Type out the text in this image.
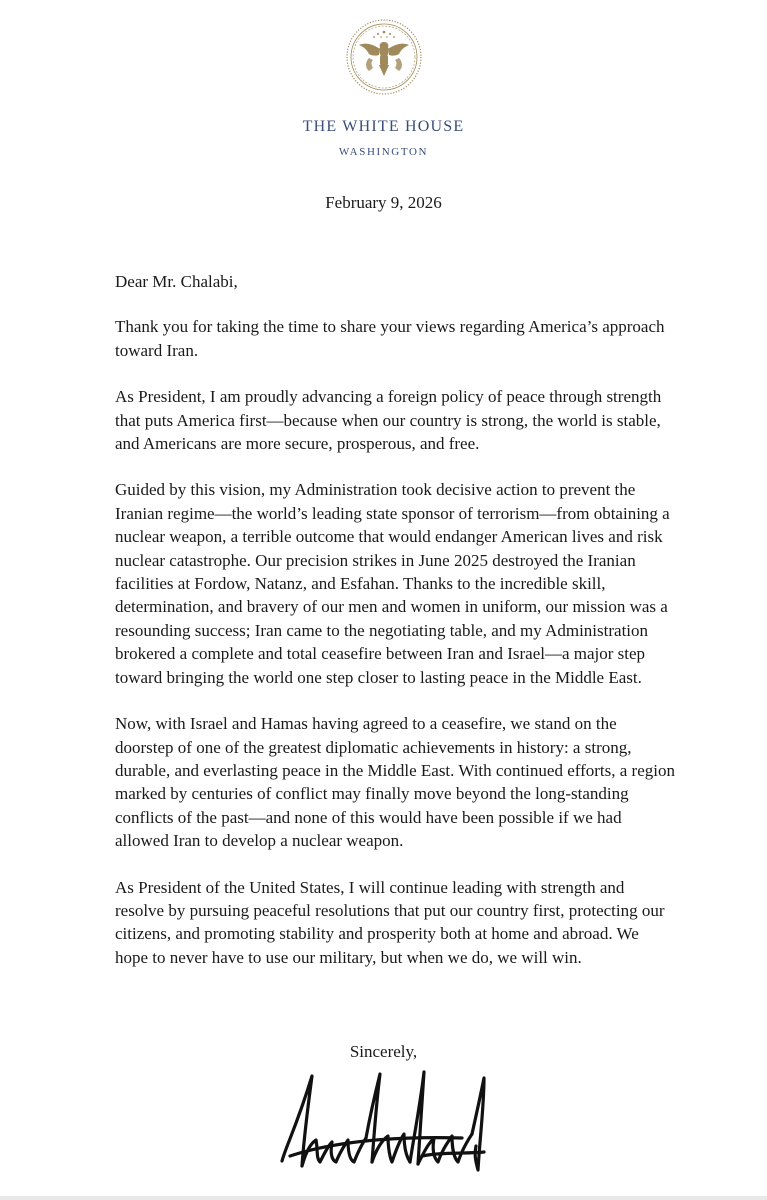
THE WHITE HOUSE
WASHINGTON
February 9, 2026

Dear Mr. Chalabi,

Thank you for taking the time to share your views regarding America’s approach toward Iran.

As President, I am proudly advancing a foreign policy of peace through strength that puts America first—because when our country is strong, the world is stable, and Americans are more secure, prosperous, and free.

Guided by this vision, my Administration took decisive action to prevent the Iranian regime—the world’s leading state sponsor of terrorism—from obtaining a nuclear weapon, a terrible outcome that would endanger American lives and risk nuclear catastrophe. Our precision strikes in June 2025 destroyed the Iranian facilities at Fordow, Natanz, and Esfahan. Thanks to the incredible skill, determination, and bravery of our men and women in uniform, our mission was a resounding success; Iran came to the negotiating table, and my Administration brokered a complete and total ceasefire between Iran and Israel—a major step toward bringing the world one step closer to lasting peace in the Middle East.

Now, with Israel and Hamas having agreed to a ceasefire, we stand on the doorstep of one of the greatest diplomatic achievements in history: a strong, durable, and everlasting peace in the Middle East. With continued efforts, a region marked by centuries of conflict may finally move beyond the long-standing conflicts of the past—and none of this would have been possible if we had allowed Iran to develop a nuclear weapon.

As President of the United States, I will continue leading with strength and resolve by pursuing peaceful resolutions that put our country first, protecting our citizens, and promoting stability and prosperity both at home and abroad. We hope to never have to use our military, but when we do, we will win.

Sincerely,
